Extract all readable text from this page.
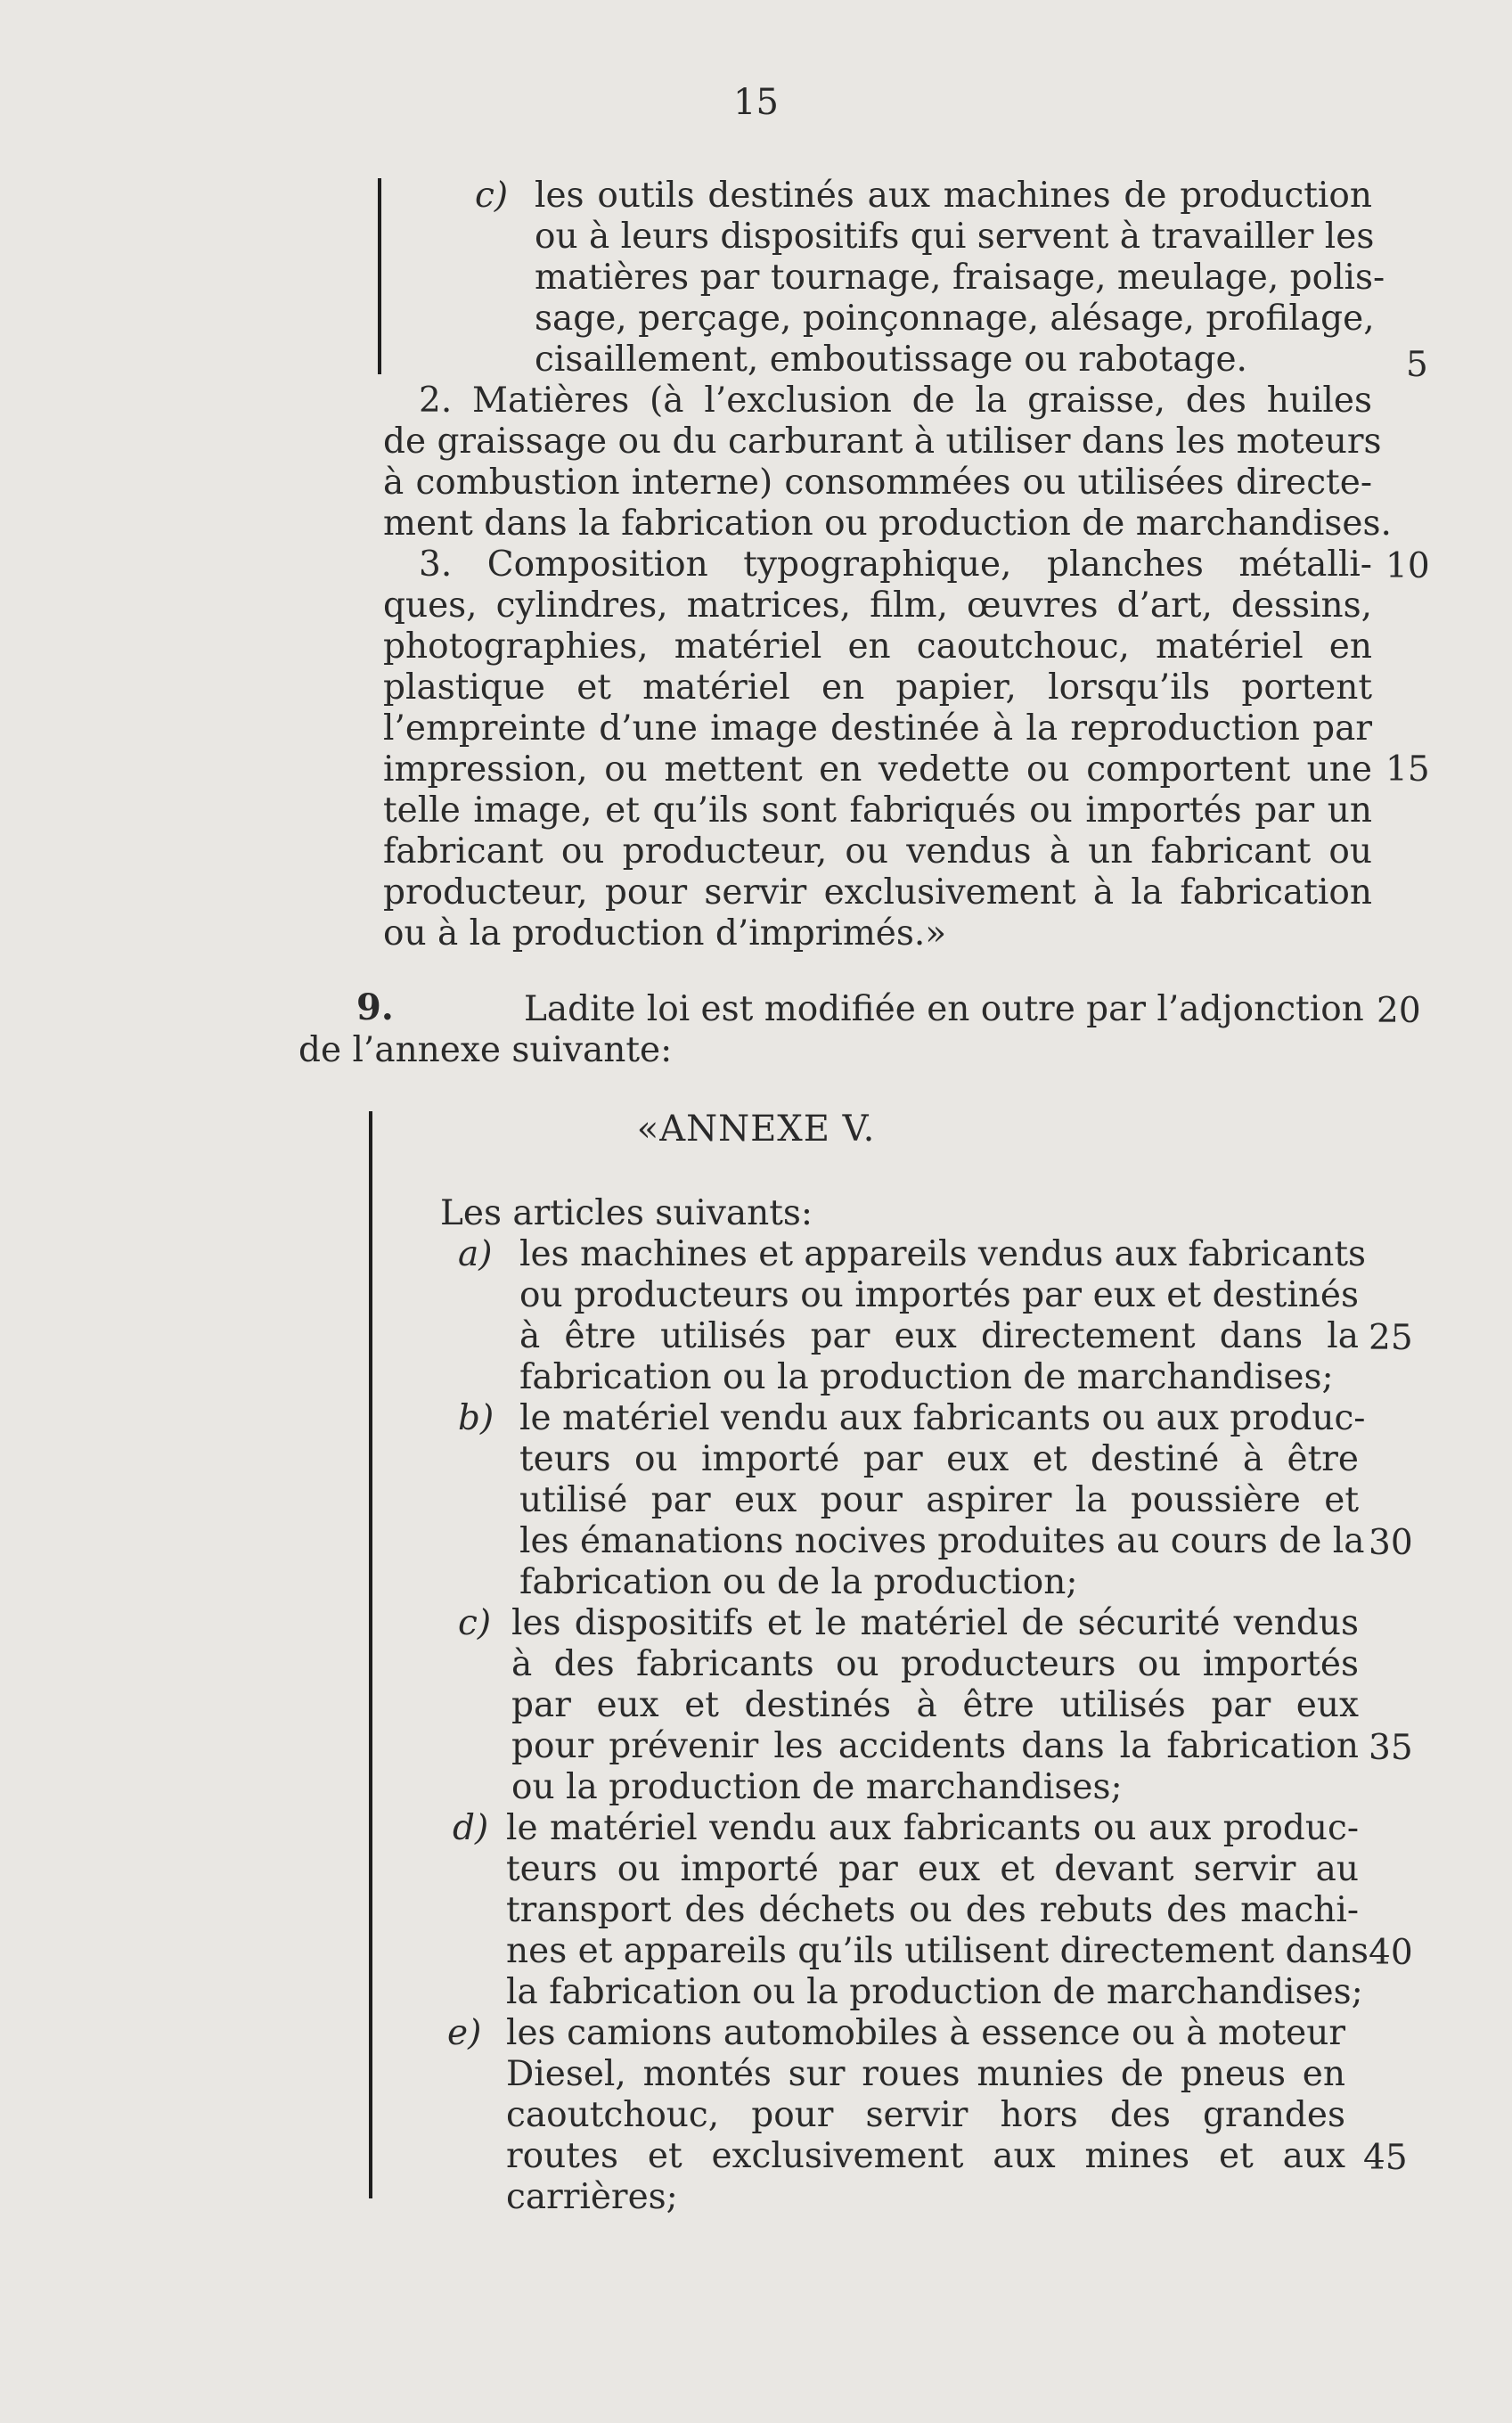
15
c) les outils destinés aux machines de production
ou à leurs dispositifs qui servent à travailler les
matières par tournage, fraisage, meulage, polis-
sage, perçage, poinçonnage, alésage, profilage,
cisaillement, emboutissage ou rabotage.
2. Matières (à l’exclusion de la graisse, des huiles
de graissage ou du carburant à utiliser dans les moteurs
à combustion interne) consommées ou utilisées directe-
ment dans la fabrication ou production de marchandises.
3. Composition typographique, planches métalli-
ques, cylindres, matrices, film, œuvres d’art, dessins,
photographies, matériel en caoutchouc, matériel en
plastique et matériel en papier, lorsqu’ils portent
l’empreinte d’une image destinée à la reproduction par
impression, ou mettent en vedette ou comportent une
telle image, et qu’ils sont fabriqués ou importés par un
fabricant ou producteur, ou vendus à un fabricant ou
producteur, pour servir exclusivement à la fabrication
ou à la production d’imprimés.»
9.	Ladite loi est modifiée en outre par l’adjonction
de l’annexe suivante:
«ANNEXE V.
Les articles suivants:
a) les machines et appareils vendus aux fabricants
ou producteurs ou importés par eux et destinés
à être utilisés par eux directement dans la
fabrication ou la production de marchandises;
b) le matériel vendu aux fabricants ou aux produc-
teurs ou importé par eux et destiné à être
utilisé par eux pour aspirer la poussière et
les émanations nocives produites au cours de la
fabrication ou de la production;
c) les dispositifs et le matériel de sécurité vendus
à des fabricants ou producteurs ou importés
par eux et destinés à être utilisés par eux
pour prévenir les accidents dans la fabrication
ou la production de marchandises;
d) le matériel vendu aux fabricants ou aux produc-
teurs ou importé par eux et devant servir au
transport des déchets ou des rebuts des machi-
nes et appareils qu’ils utilisent directement dans
la fabrication ou la production de marchandises;
e) les camions automobiles à essence ou à moteur
Diesel, montés sur roues munies de pneus en
caoutchouc, pour servir hors des grandes
routes et exclusivement aux mines et aux
carrières;
5
10
15
20
25
30
35
40
45
